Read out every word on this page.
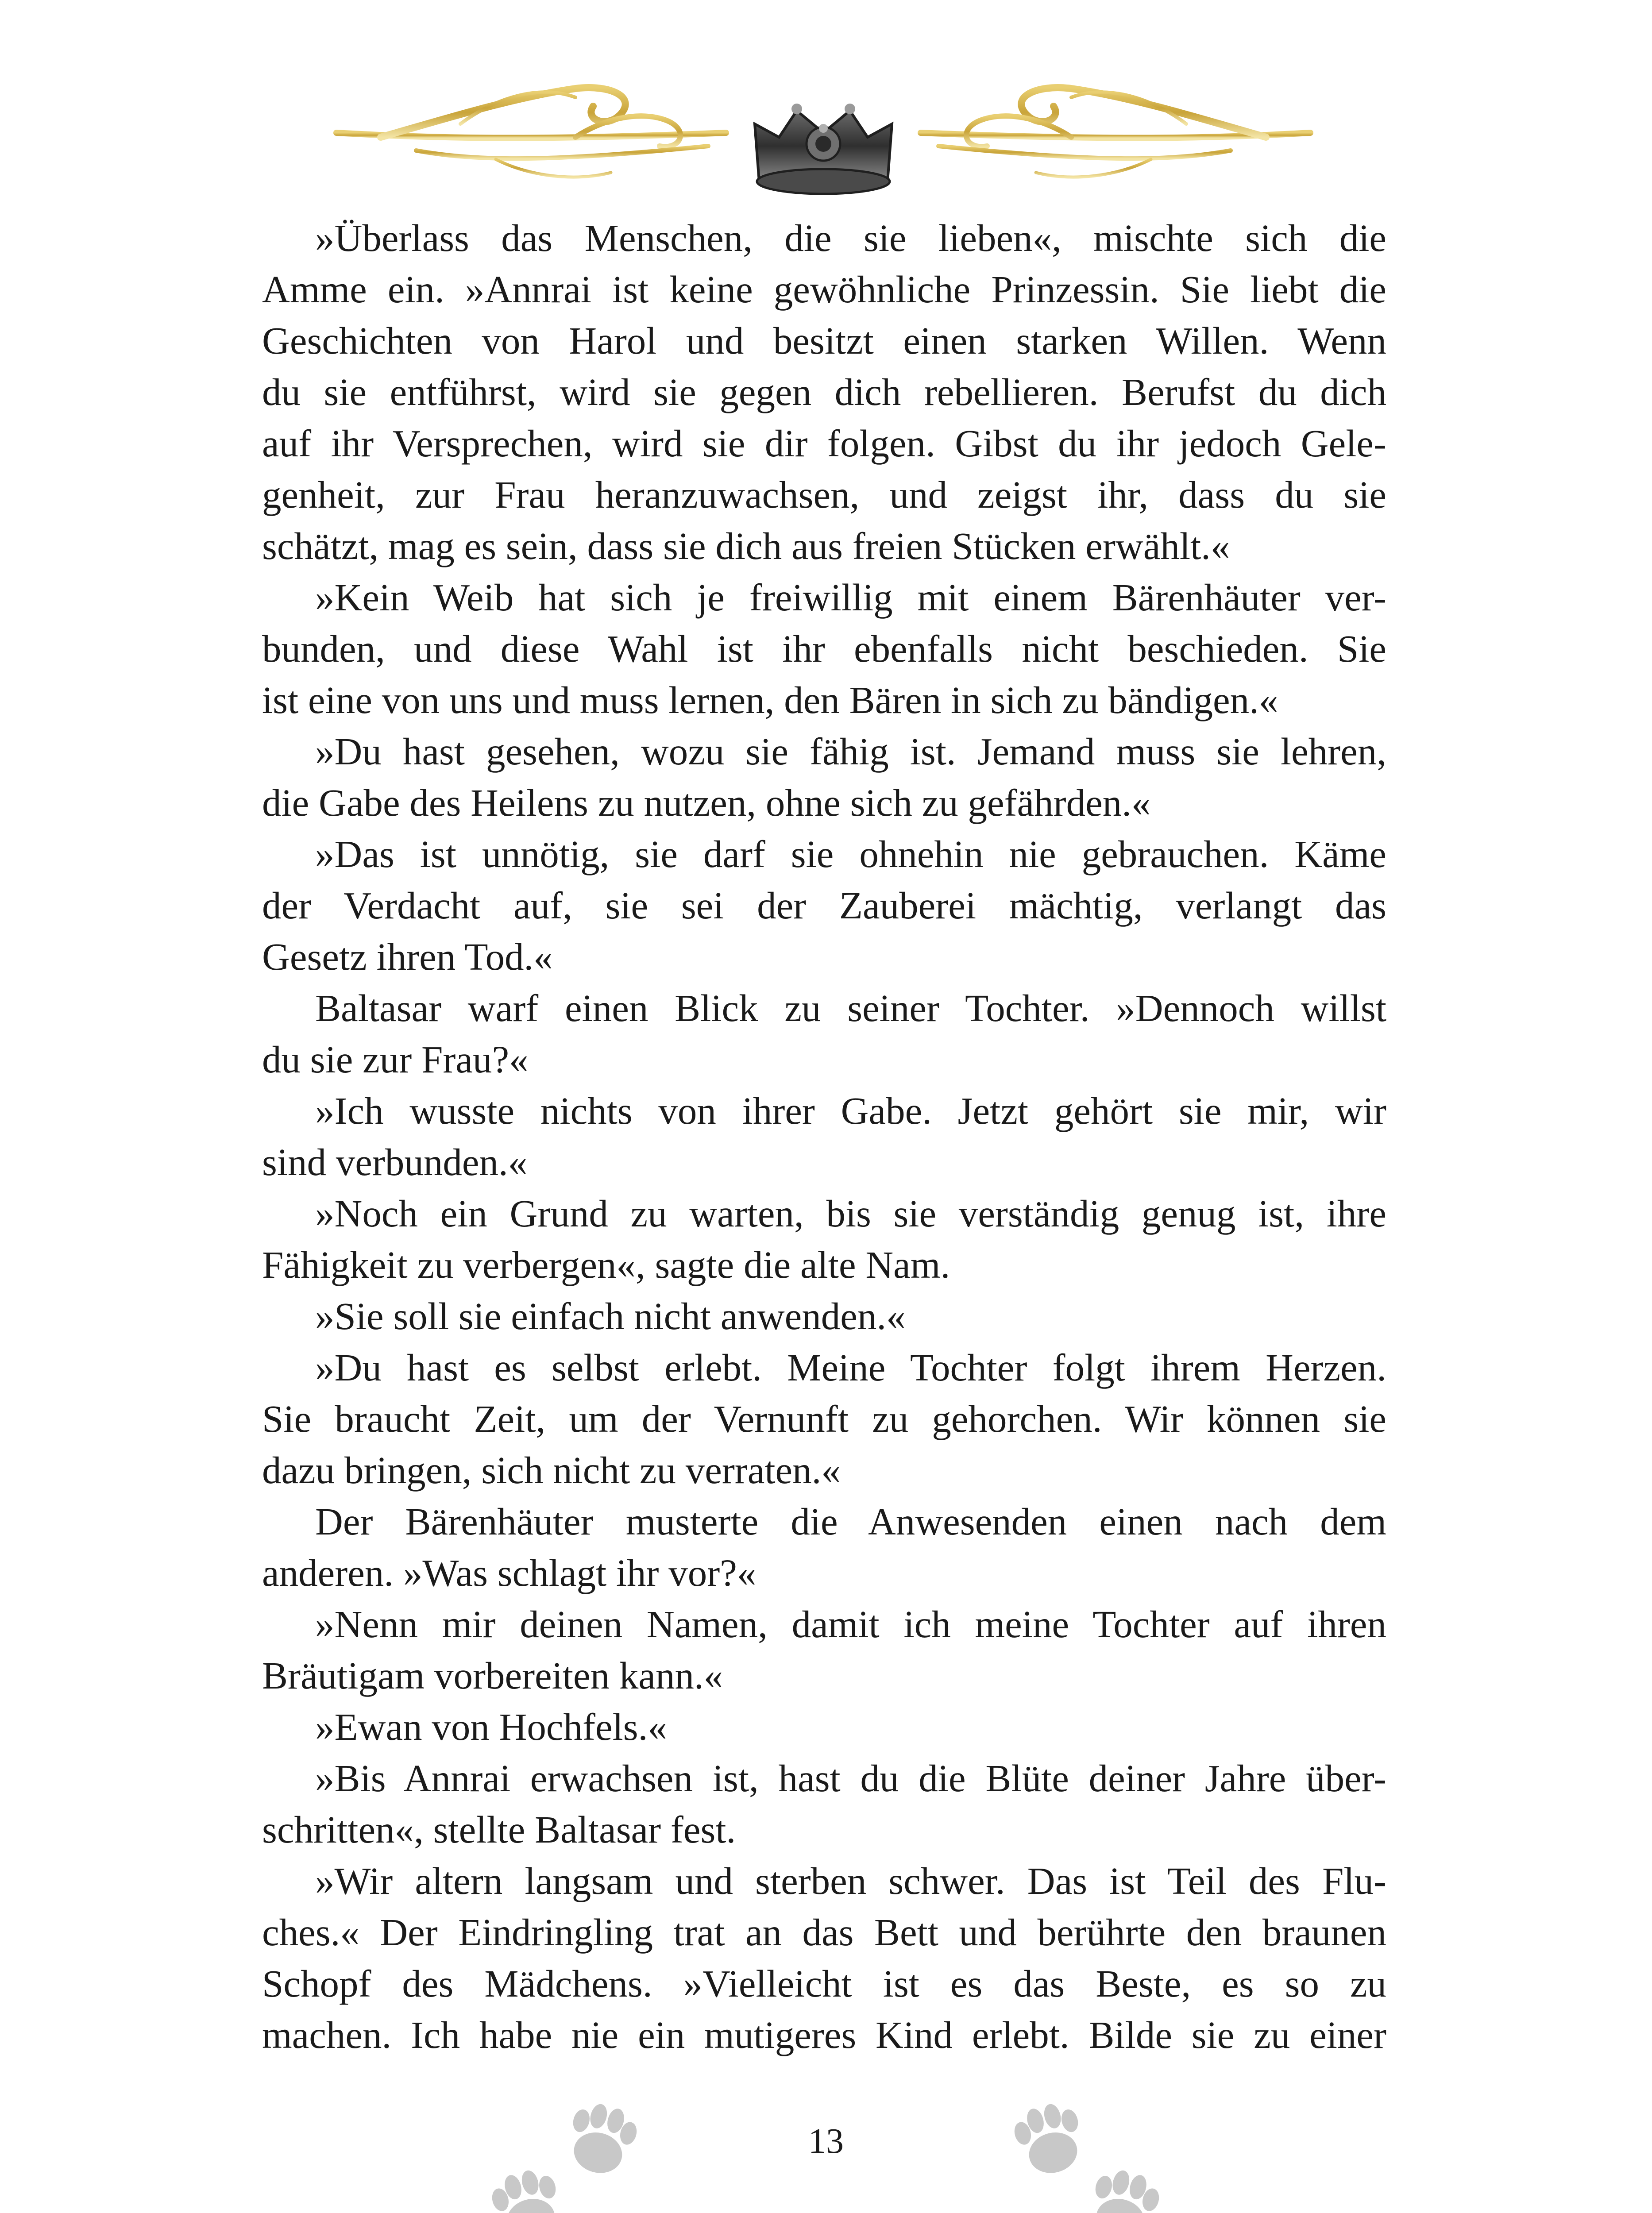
»Überlass das Menschen, die sie lieben«, mischte sich die
Amme ein. »Annrai ist keine gewöhnliche Prinzessin. Sie liebt die
Geschichten von Harol und besitzt einen starken Willen. Wenn
du sie entführst, wird sie gegen dich rebellieren. Berufst du dich
auf ihr Versprechen, wird sie dir folgen. Gibst du ihr jedoch Gele-
genheit, zur Frau heranzuwachsen, und zeigst ihr, dass du sie
schätzt, mag es sein, dass sie dich aus freien Stücken erwählt.«
»Kein Weib hat sich je freiwillig mit einem Bärenhäuter ver-
bunden, und diese Wahl ist ihr ebenfalls nicht beschieden. Sie
ist eine von uns und muss lernen, den Bären in sich zu bändigen.«
»Du hast gesehen, wozu sie fähig ist. Jemand muss sie lehren,
die Gabe des Heilens zu nutzen, ohne sich zu gefährden.«
»Das ist unnötig, sie darf sie ohnehin nie gebrauchen. Käme
der Verdacht auf, sie sei der Zauberei mächtig, verlangt das
Gesetz ihren Tod.«
Baltasar warf einen Blick zu seiner Tochter. »Dennoch willst
du sie zur Frau?«
»Ich wusste nichts von ihrer Gabe. Jetzt gehört sie mir, wir
sind verbunden.«
»Noch ein Grund zu warten, bis sie verständig genug ist, ihre
Fähigkeit zu verbergen«, sagte die alte Nam.
»Sie soll sie einfach nicht anwenden.«
»Du hast es selbst erlebt. Meine Tochter folgt ihrem Herzen.
Sie braucht Zeit, um der Vernunft zu gehorchen. Wir können sie
dazu bringen, sich nicht zu verraten.«
Der Bärenhäuter musterte die Anwesenden einen nach dem
anderen. »Was schlagt ihr vor?«
»Nenn mir deinen Namen, damit ich meine Tochter auf ihren
Bräutigam vorbereiten kann.«
»Ewan von Hochfels.«
»Bis Annrai erwachsen ist, hast du die Blüte deiner Jahre über-
schritten«, stellte Baltasar fest.
»Wir altern langsam und sterben schwer. Das ist Teil des Flu-
ches.« Der Eindringling trat an das Bett und berührte den braunen
Schopf des Mädchens. »Vielleicht ist es das Beste, es so zu
machen. Ich habe nie ein mutigeres Kind erlebt. Bilde sie zu einer
13
